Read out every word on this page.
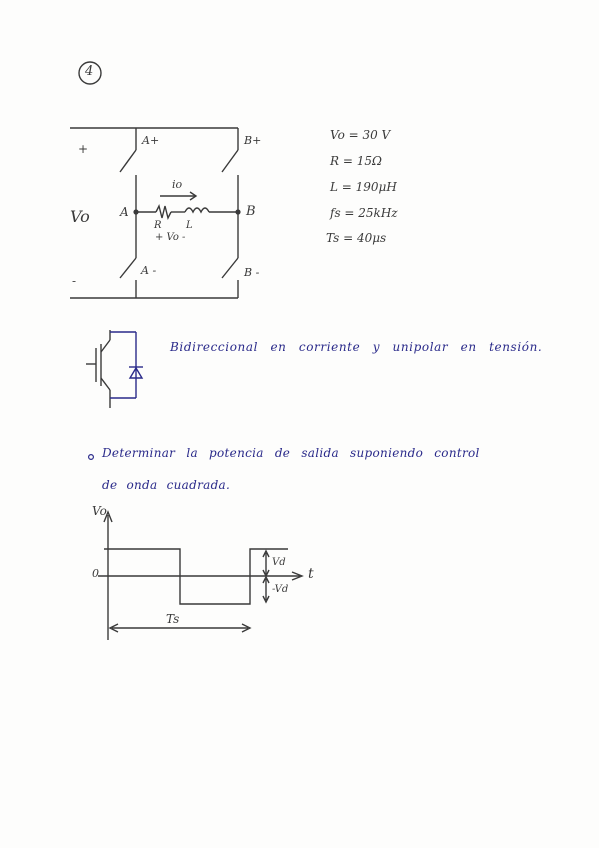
4
A+	B+
A -	B -
A	B
io
L
R
+ Vo -
Vo
+
-
Vo = 30 V
R = 15Ω
L = 190μH
fs = 25kHz
Ts = 40μs
Bidireccional en corriente y unipolar en tensión.
Determinar la potencia de salida suponiendo control
de onda cuadrada.
Vo
t
0
Vd
-Vd
Ts
